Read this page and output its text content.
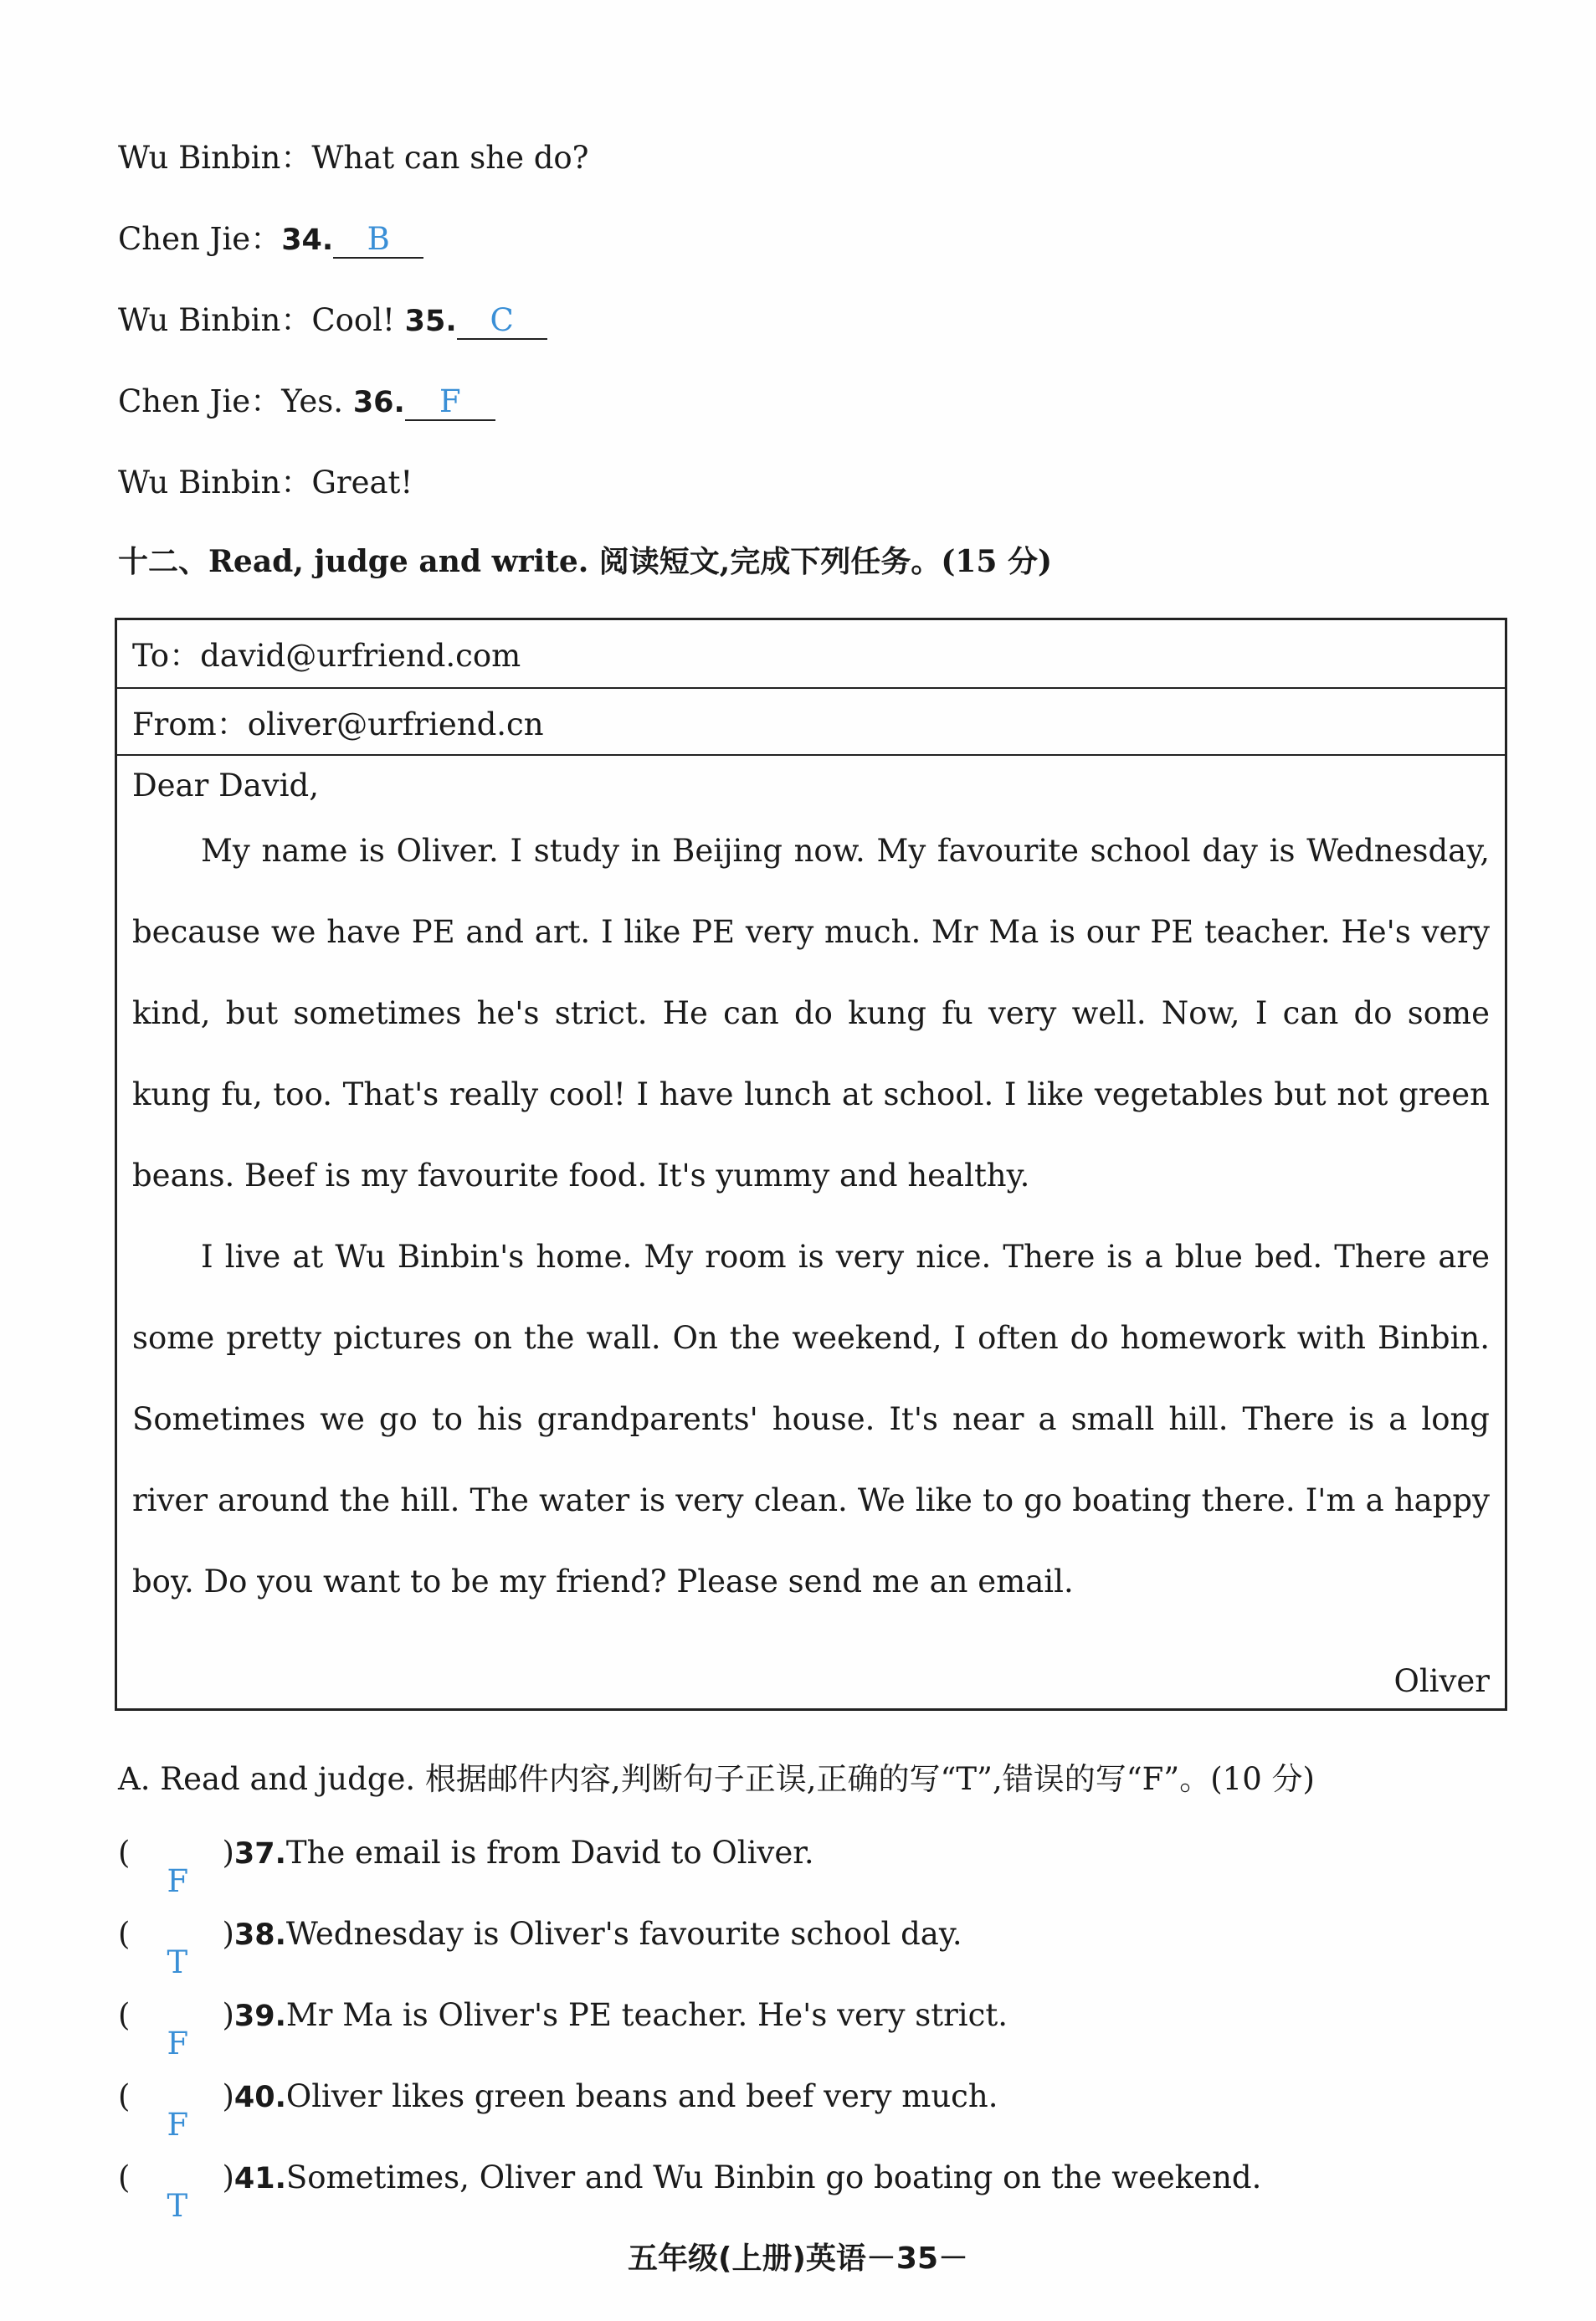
Wu Binbin：What can she do?
Chen Jie：34. B
Wu Binbin：Cool! 35. C
Chen Jie：Yes. 36. F
Wu Binbin：Great!
十二、Read, judge and write. 阅读短文,完成下列任务。(15 分)
To：david@urfriend.com
From：oliver@urfriend.cn
Dear David,

My name is Oliver. I study in Beijing now. My favourite school day is Wednesday, because we have PE and art. I like PE very much. Mr Ma is our PE teacher. He's very kind, but sometimes he's strict. He can do kung fu very well. Now, I can do some kung fu, too. That's really cool! I have lunch at school. I like vegetables but not green beans. Beef is my favourite food. It's yummy and healthy.

I live at Wu Binbin's home. My room is very nice. There is a blue bed. There are some pretty pictures on the wall. On the weekend, I often do homework with Binbin. Sometimes we go to his grandparents' house. It's near a small hill. There is a long river around the hill. The water is very clean. We like to go boating there. I'm a happy boy. Do you want to be my friend? Please send me an email.

Oliver
A. Read and judge. 根据邮件内容,判断句子正误,正确的写“T”,错误的写“F”。(10 分)
(
F
)37.The email is from David to Oliver.
(
T
)38.Wednesday is Oliver's favourite school day.
(
F
)39.Mr Ma is Oliver's PE teacher. He's very strict.
(
F
)40.Oliver likes green beans and beef very much.
(
T
)41.Sometimes, Oliver and Wu Binbin go boating on the weekend.
五年级(上册)英语－35－
